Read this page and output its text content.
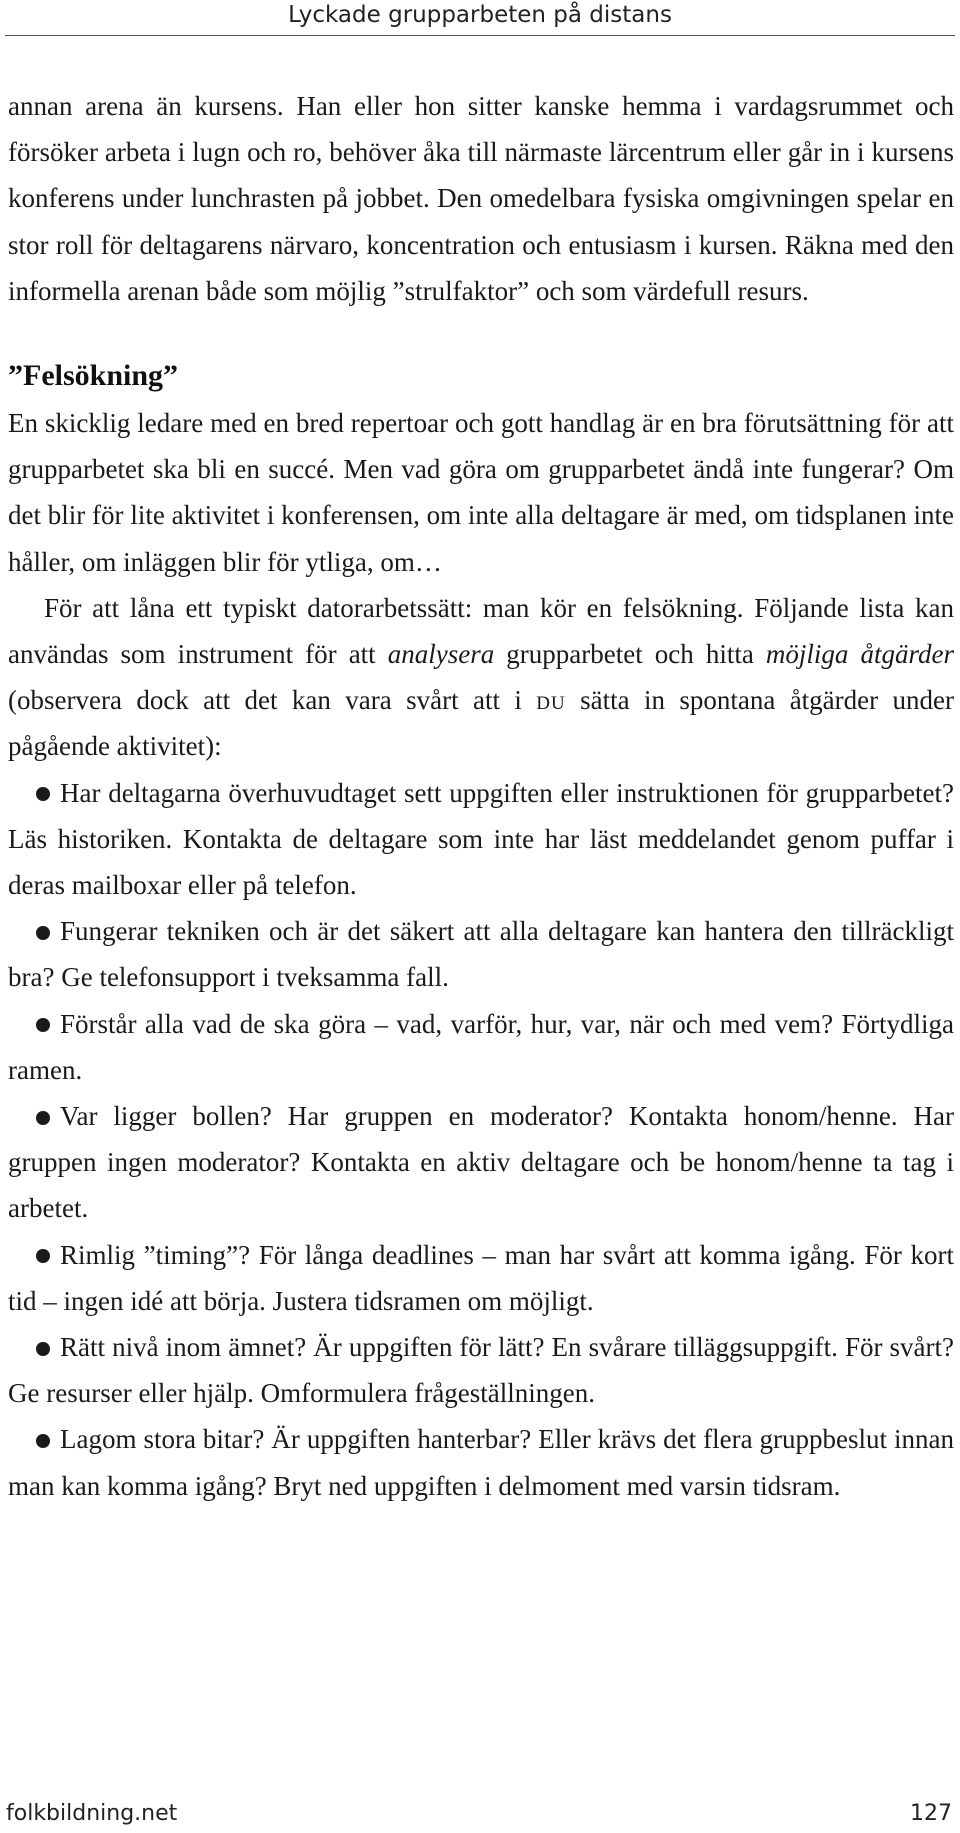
Lyckade grupparbeten på distans

annan arena än kursens. Han eller hon sitter kanske hemma i vardagsrummet och försöker arbeta i lugn och ro, behöver åka till närmaste lärcentrum eller går in i kursens konferens under lunchrasten på jobbet. Den omedelbara fysiska omgivningen spelar en stor roll för deltagarens närvaro, koncentration och entusiasm i kursen. Räkna med den informella arenan både som möjlig ”strulfaktor” och som värdefull resurs.

”Felsökning”

En skicklig ledare med en bred repertoar och gott handlag är en bra förutsättning för att grupparbetet ska bli en succé. Men vad göra om grupparbetet ändå inte fungerar? Om det blir för lite aktivitet i konferensen, om inte alla deltagare är med, om tidsplanen inte håller, om inläggen blir för ytliga, om…

För att låna ett typiskt datorarbetssätt: man kör en felsökning. Följande lista kan användas som instrument för att analysera grupparbetet och hitta möjliga åtgärder (observera dock att det kan vara svårt att i du sätta in spontana åtgärder under pågående aktivitet):

Har deltagarna överhuvudtaget sett uppgiften eller instruktionen för grupparbetet? Läs historiken. Kontakta de deltagare som inte har läst meddelandet genom puffar i deras mailboxar eller på telefon.

Fungerar tekniken och är det säkert att alla deltagare kan hantera den tillräckligt bra? Ge telefonsupport i tveksamma fall.

Förstår alla vad de ska göra – vad, varför, hur, var, när och med vem? Förtydliga ramen.

Var ligger bollen? Har gruppen en moderator? Kontakta honom/henne. Har gruppen ingen moderator? Kontakta en aktiv deltagare och be honom/henne ta tag i arbetet.

Rimlig ”timing”? För långa deadlines – man har svårt att komma igång. För kort tid – ingen idé att börja. Justera tidsramen om möjligt.

Rätt nivå inom ämnet? Är uppgiften för lätt? En svårare tilläggsuppgift. För svårt? Ge resurser eller hjälp. Omformulera frågeställningen.

Lagom stora bitar? Är uppgiften hanterbar? Eller krävs det flera gruppbeslut innan man kan komma igång? Bryt ned uppgiften i delmoment med varsin tidsram.

folkbildning.net	127
